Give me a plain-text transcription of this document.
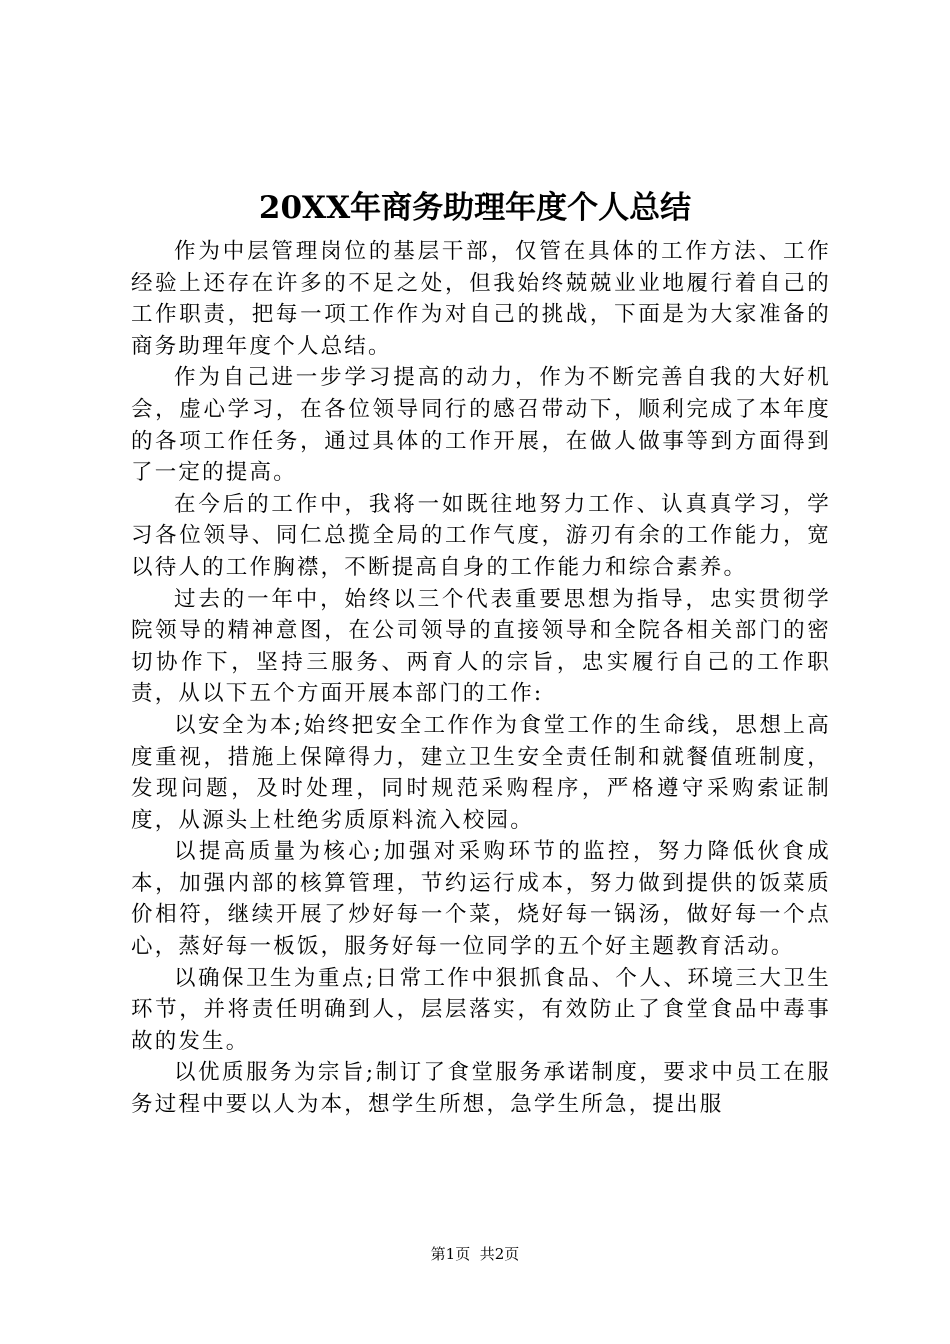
20XX年商务助理年度个人总结

作为中层管理岗位的基层干部，仅管在具体的工作方法、工作经验上还存在许多的不足之处，但我始终兢兢业业地履行着自己的工作职责，把每一项工作作为对自己的挑战，下面是为大家准备的商务助理年度个人总结。

作为自己进一步学习提高的动力，作为不断完善自我的大好机会，虚心学习，在各位领导同行的感召带动下，顺利完成了本年度的各项工作任务，通过具体的工作开展，在做人做事等到方面得到了一定的提高。

在今后的工作中，我将一如既往地努力工作、认真真学习，学习各位领导、同仁总揽全局的工作气度，游刃有余的工作能力，宽以待人的工作胸襟，不断提高自身的工作能力和综合素养。

过去的一年中，始终以三个代表重要思想为指导，忠实贯彻学院领导的精神意图，在公司领导的直接领导和全院各相关部门的密切协作下，坚持三服务、两育人的宗旨，忠实履行自己的工作职责，从以下五个方面开展本部门的工作:

以安全为本;始终把安全工作作为食堂工作的生命线，思想上高度重视，措施上保障得力，建立卫生安全责任制和就餐值班制度，发现问题，及时处理，同时规范采购程序，严格遵守采购索证制度，从源头上杜绝劣质原料流入校园。

以提高质量为核心;加强对采购环节的监控，努力降低伙食成本，加强内部的核算管理，节约运行成本，努力做到提供的饭菜质价相符，继续开展了炒好每一个菜，烧好每一锅汤，做好每一个点心，蒸好每一板饭，服务好每一位同学的五个好主题教育活动。

以确保卫生为重点;日常工作中狠抓食品、个人、环境三大卫生环节，并将责任明确到人，层层落实，有效防止了食堂食品中毒事故的发生。

以优质服务为宗旨;制订了食堂服务承诺制度，要求中员工在服务过程中要以人为本，想学生所想，急学生所急，提出服

第1页 共2页
